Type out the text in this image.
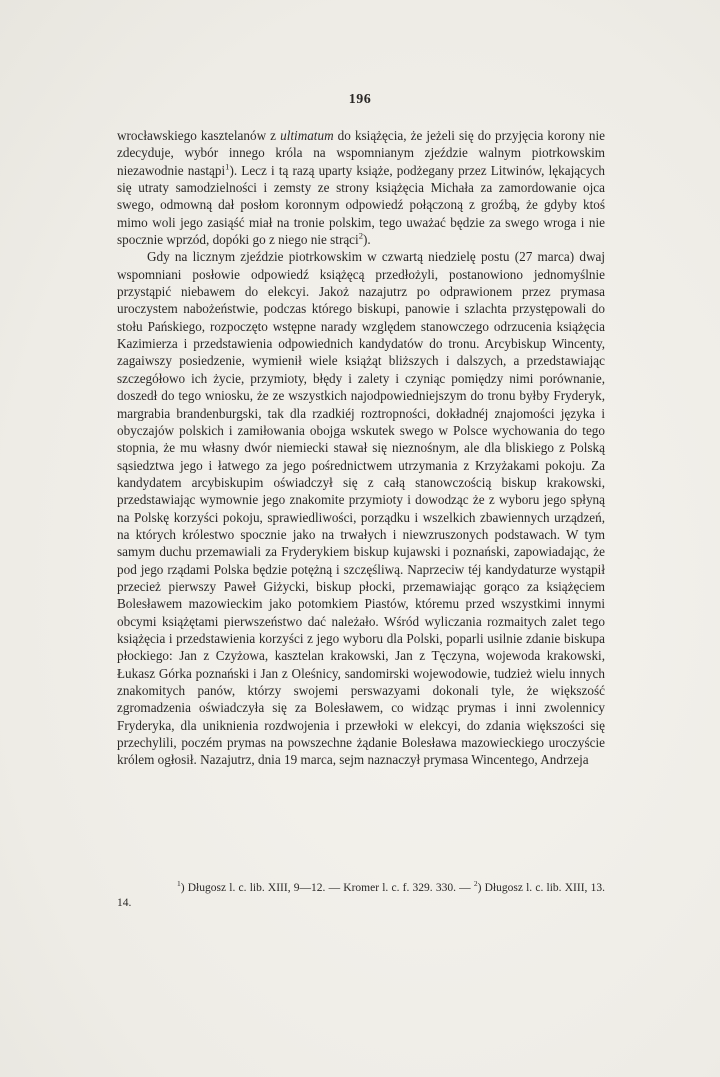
196

wrocławskiego kasztelanów z ultimatum do książęcia, że jeżeli się do przyjęcia korony nie zdecyduje, wybór innego króla na wspomnianym zjeździe walnym piotrkowskim niezawodnie nastąpi$^1$). Lecz i tą razą uparty książe, podżegany przez Litwinów, lękających się utraty samodzielności i zemsty ze strony książęcia Michała za zamordowanie ojca swego, odmowną dał posłom koronnym odpowiedź połączoną z groźbą, że gdyby ktoś mimo woli jego zasiąść miał na tronie polskim, tego uważać będzie za swego wroga i nie spocznie wprzód, dopóki go z niego nie strąci$^2$).

Gdy na licznym zjeździe piotrkowskim w czwartą niedzielę postu (27 marca) dwaj wspomniani posłowie odpowiedź książęcą przedłożyli, postanowiono jednomyślnie przystąpić niebawem do elekcyi. Jakoż nazajutrz po odprawionem przez prymasa uroczystem nabożeństwie, podczas którego biskupi, panowie i szlachta przystępowali do stołu Pańskiego, rozpoczęto wstępne narady względem stanowczego odrzucenia książęcia Kazimierza i przedstawienia odpowiednich kandydatów do tronu. Arcybiskup Wincenty, zagaiwszy posiedzenie, wymienił wiele książąt bliższych i dalszych, a przedstawiając szczegółowo ich życie, przymioty, błędy i zalety i czyniąc pomiędzy nimi porównanie, doszedł do tego wniosku, że ze wszystkich najodpowiedniejszym do tronu byłby Fryderyk, margrabia brandenburgski, tak dla rzadkiéj roztropności, dokładnéj znajomości języka i obyczajów polskich i zamiłowania obojga wskutek swego w Polsce wychowania do tego stopnia, że mu własny dwór niemiecki stawał się nieznośnym, ale dla bliskiego z Polską sąsiedztwa jego i łatwego za jego pośrednictwem utrzymania z Krzyżakami pokoju. Za kandydatem arcybiskupim oświadczył się z całą stanowczością biskup krakowski, przedstawiając wymownie jego znakomite przymioty i dowodząc że z wyboru jego spłyną na Polskę korzyści pokoju, sprawiedliwości, porządku i wszelkich zbawiennych urządzeń, na których królestwo spocznie jako na trwałych i niewzruszonych podstawach. W tym samym duchu przemawiali za Fryderykiem biskup kujawski i poznański, zapowiadając, że pod jego rządami Polska będzie potężną i szczęśliwą. Naprzeciw téj kandydaturze wystąpił przecież pierwszy Paweł Giżycki, biskup płocki, przemawiając gorąco za książęciem Bolesławem mazowieckim jako potomkiem Piastów, któremu przed wszystkimi innymi obcymi książętami pierwszeństwo dać należało. Wśród wyliczania rozmaitych zalet tego książęcia i przedstawienia korzyści z jego wyboru dla Polski, poparli usilnie zdanie biskupa płockiego: Jan z Czyżowa, kasztelan krakowski, Jan z Tęczyna, wojewoda krakowski, Łukasz Górka poznański i Jan z Oleśnicy, sandomirski wojewodowie, tudzież wielu innych znakomitych panów, którzy swojemi perswazyami dokonali tyle, że większość zgromadzenia oświadczyła się za Bolesławem, co widząc prymas i inni zwolennicy Fryderyka, dla uniknienia rozdwojenia i przewłoki w elekcyi, do zdania większości się przechylili, poczém prymas na powszechne żądanie Bolesława mazowieckiego uroczyście królem ogłosił. Nazajutrz, dnia 19 marca, sejm naznaczył prymasa Wincentego, Andrzeja

$^1$) Długosz l. c. lib. XIII, 9—12. — Kromer l. c. f. 329. 330. — $^2$) Długosz l. c. lib. XIII, 13. 14.
